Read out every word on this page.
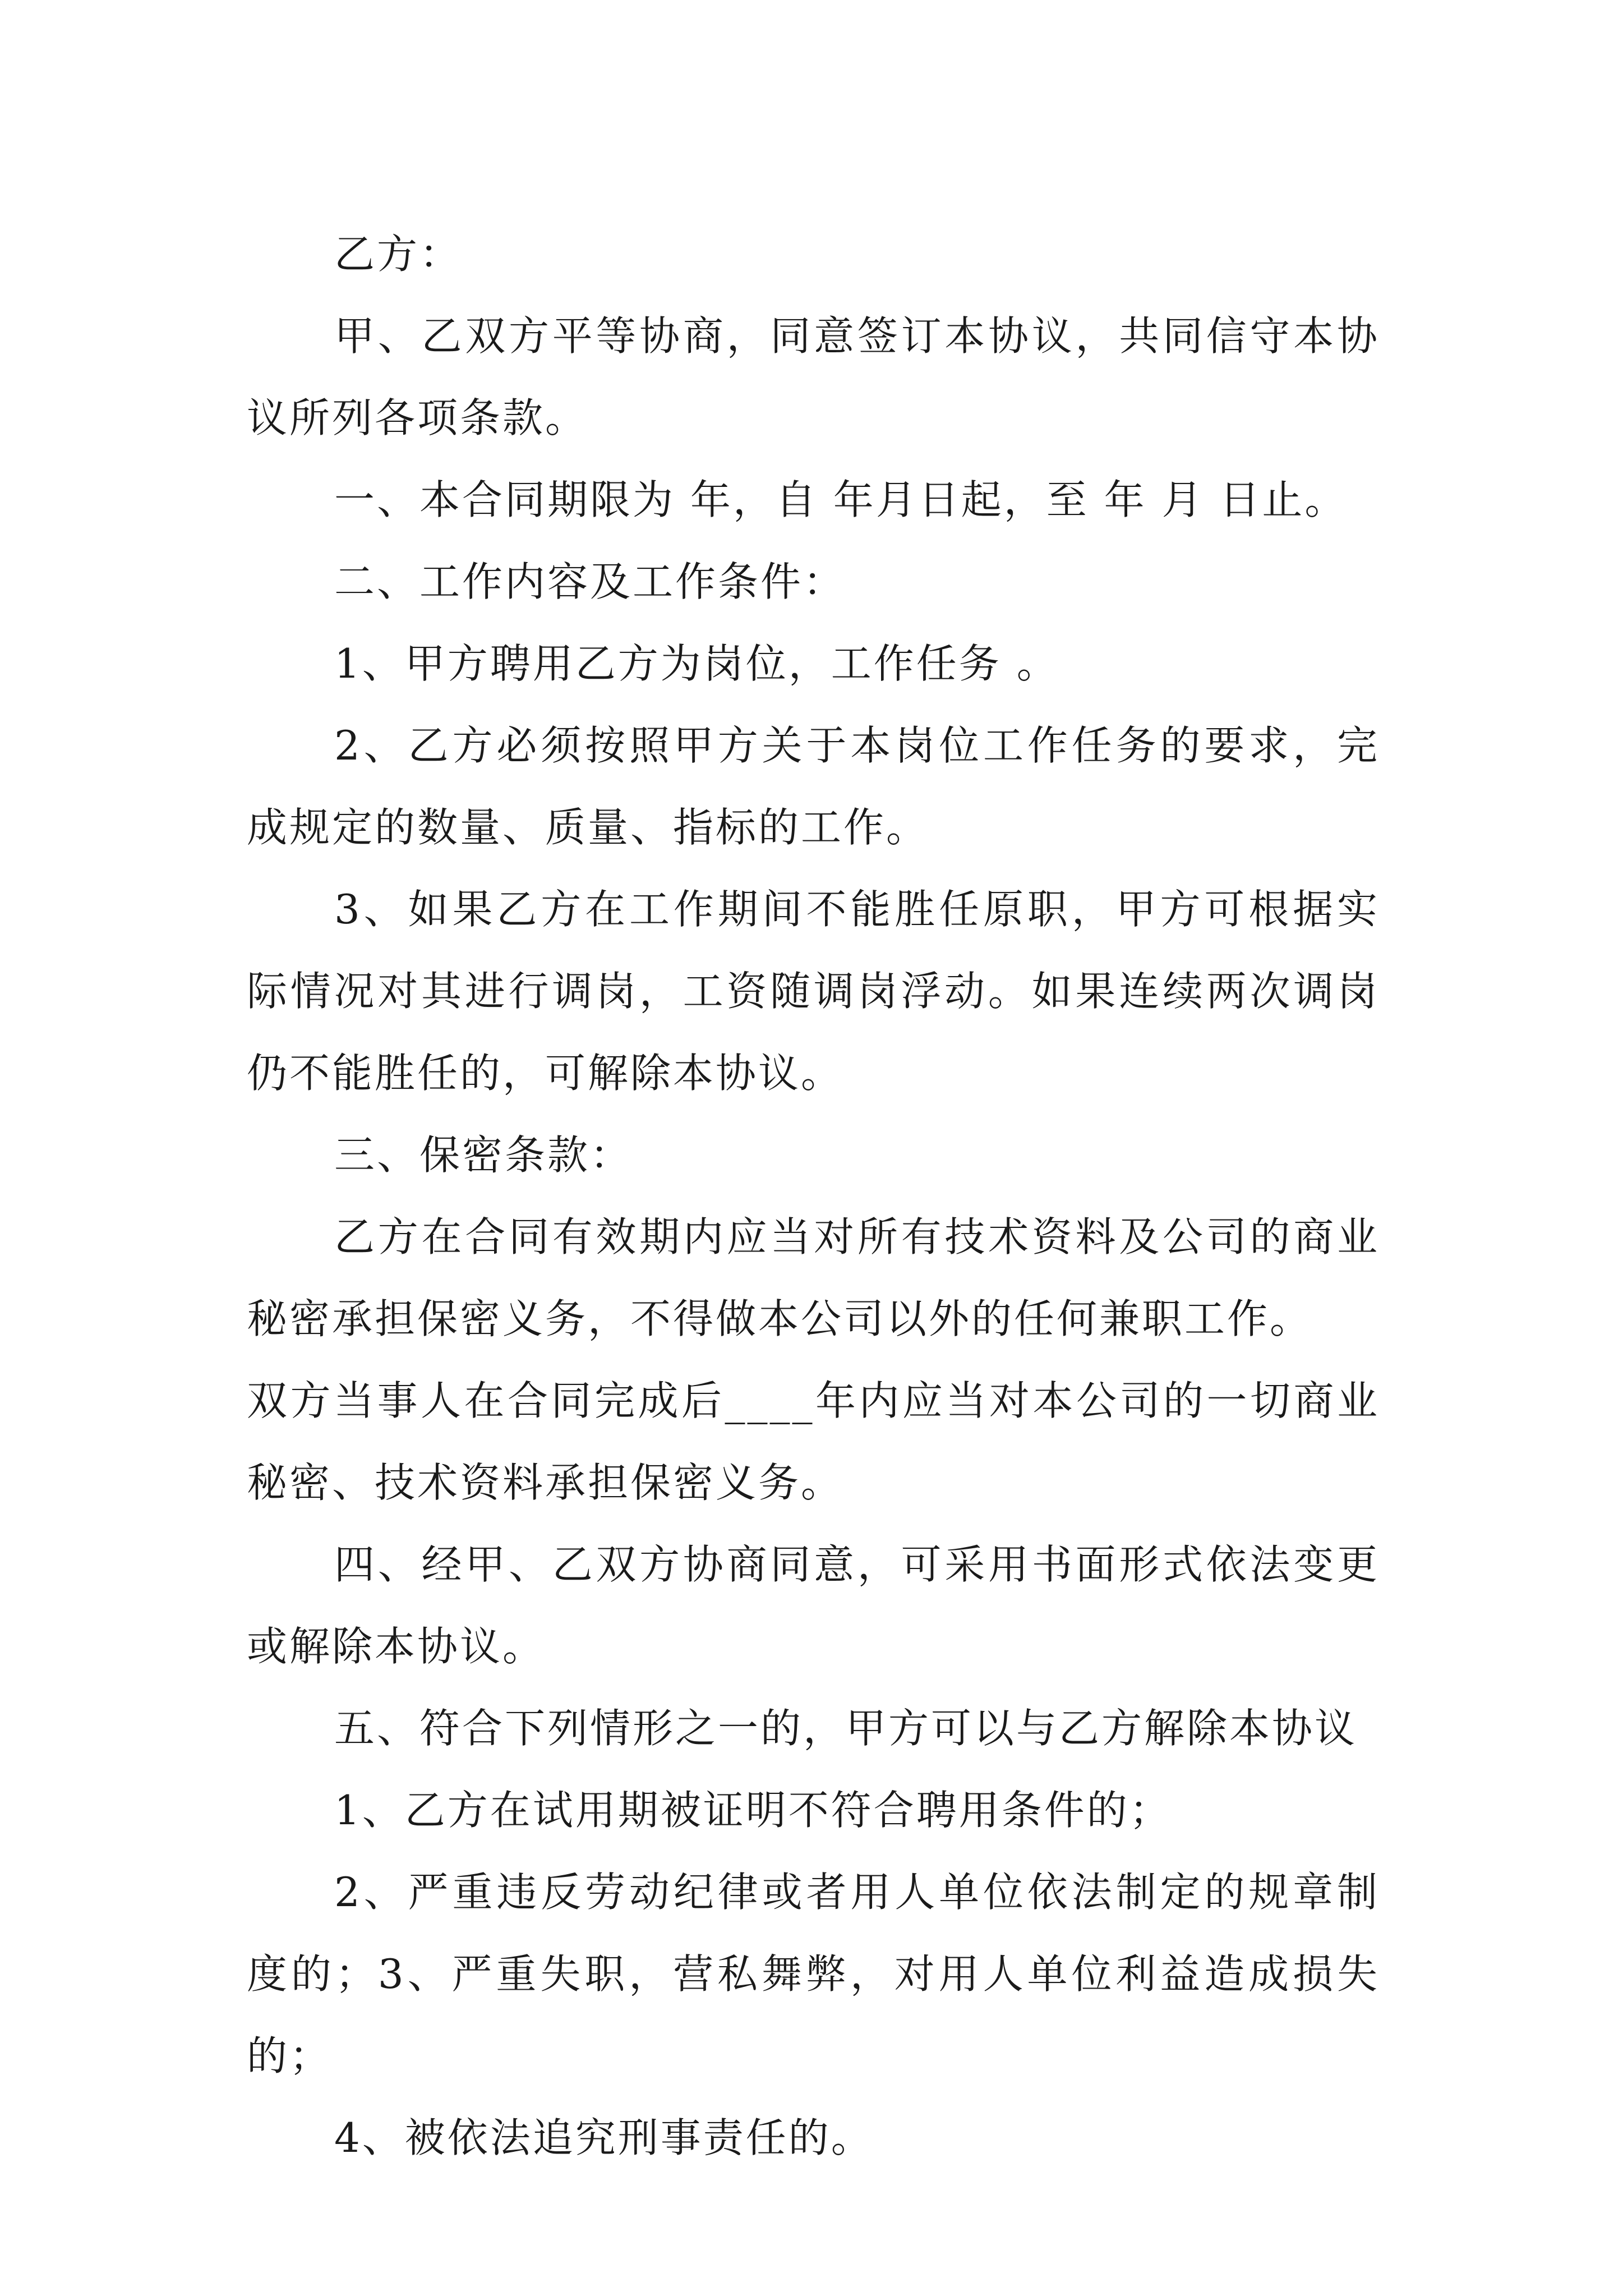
乙方：

甲、乙双方平等协商，同意签订本协议，共同信守本协议所列各项条款。

一、本合同期限为 年，自 年月日起，至 年 月 日止。

二、工作内容及工作条件：

1、甲方聘用乙方为岗位，工作任务 。

2、乙方必须按照甲方关于本岗位工作任务的要求，完成规定的数量、质量、指标的工作。

3、如果乙方在工作期间不能胜任原职，甲方可根据实际情况对其进行调岗，工资随调岗浮动。如果连续两次调岗仍不能胜任的，可解除本协议。

三、保密条款：

乙方在合同有效期内应当对所有技术资料及公司的商业秘密承担保密义务，不得做本公司以外的任何兼职工作。

双方当事人在合同完成后____年内应当对本公司的一切商业秘密、技术资料承担保密义务。

四、经甲、乙双方协商同意，可采用书面形式依法变更或解除本协议。

五、符合下列情形之一的，甲方可以与乙方解除本协议

1、乙方在试用期被证明不符合聘用条件的；

2、严重违反劳动纪律或者用人单位依法制定的规章制度的；3、严重失职，营私舞弊，对用人单位利益造成损失的；

4、被依法追究刑事责任的。
